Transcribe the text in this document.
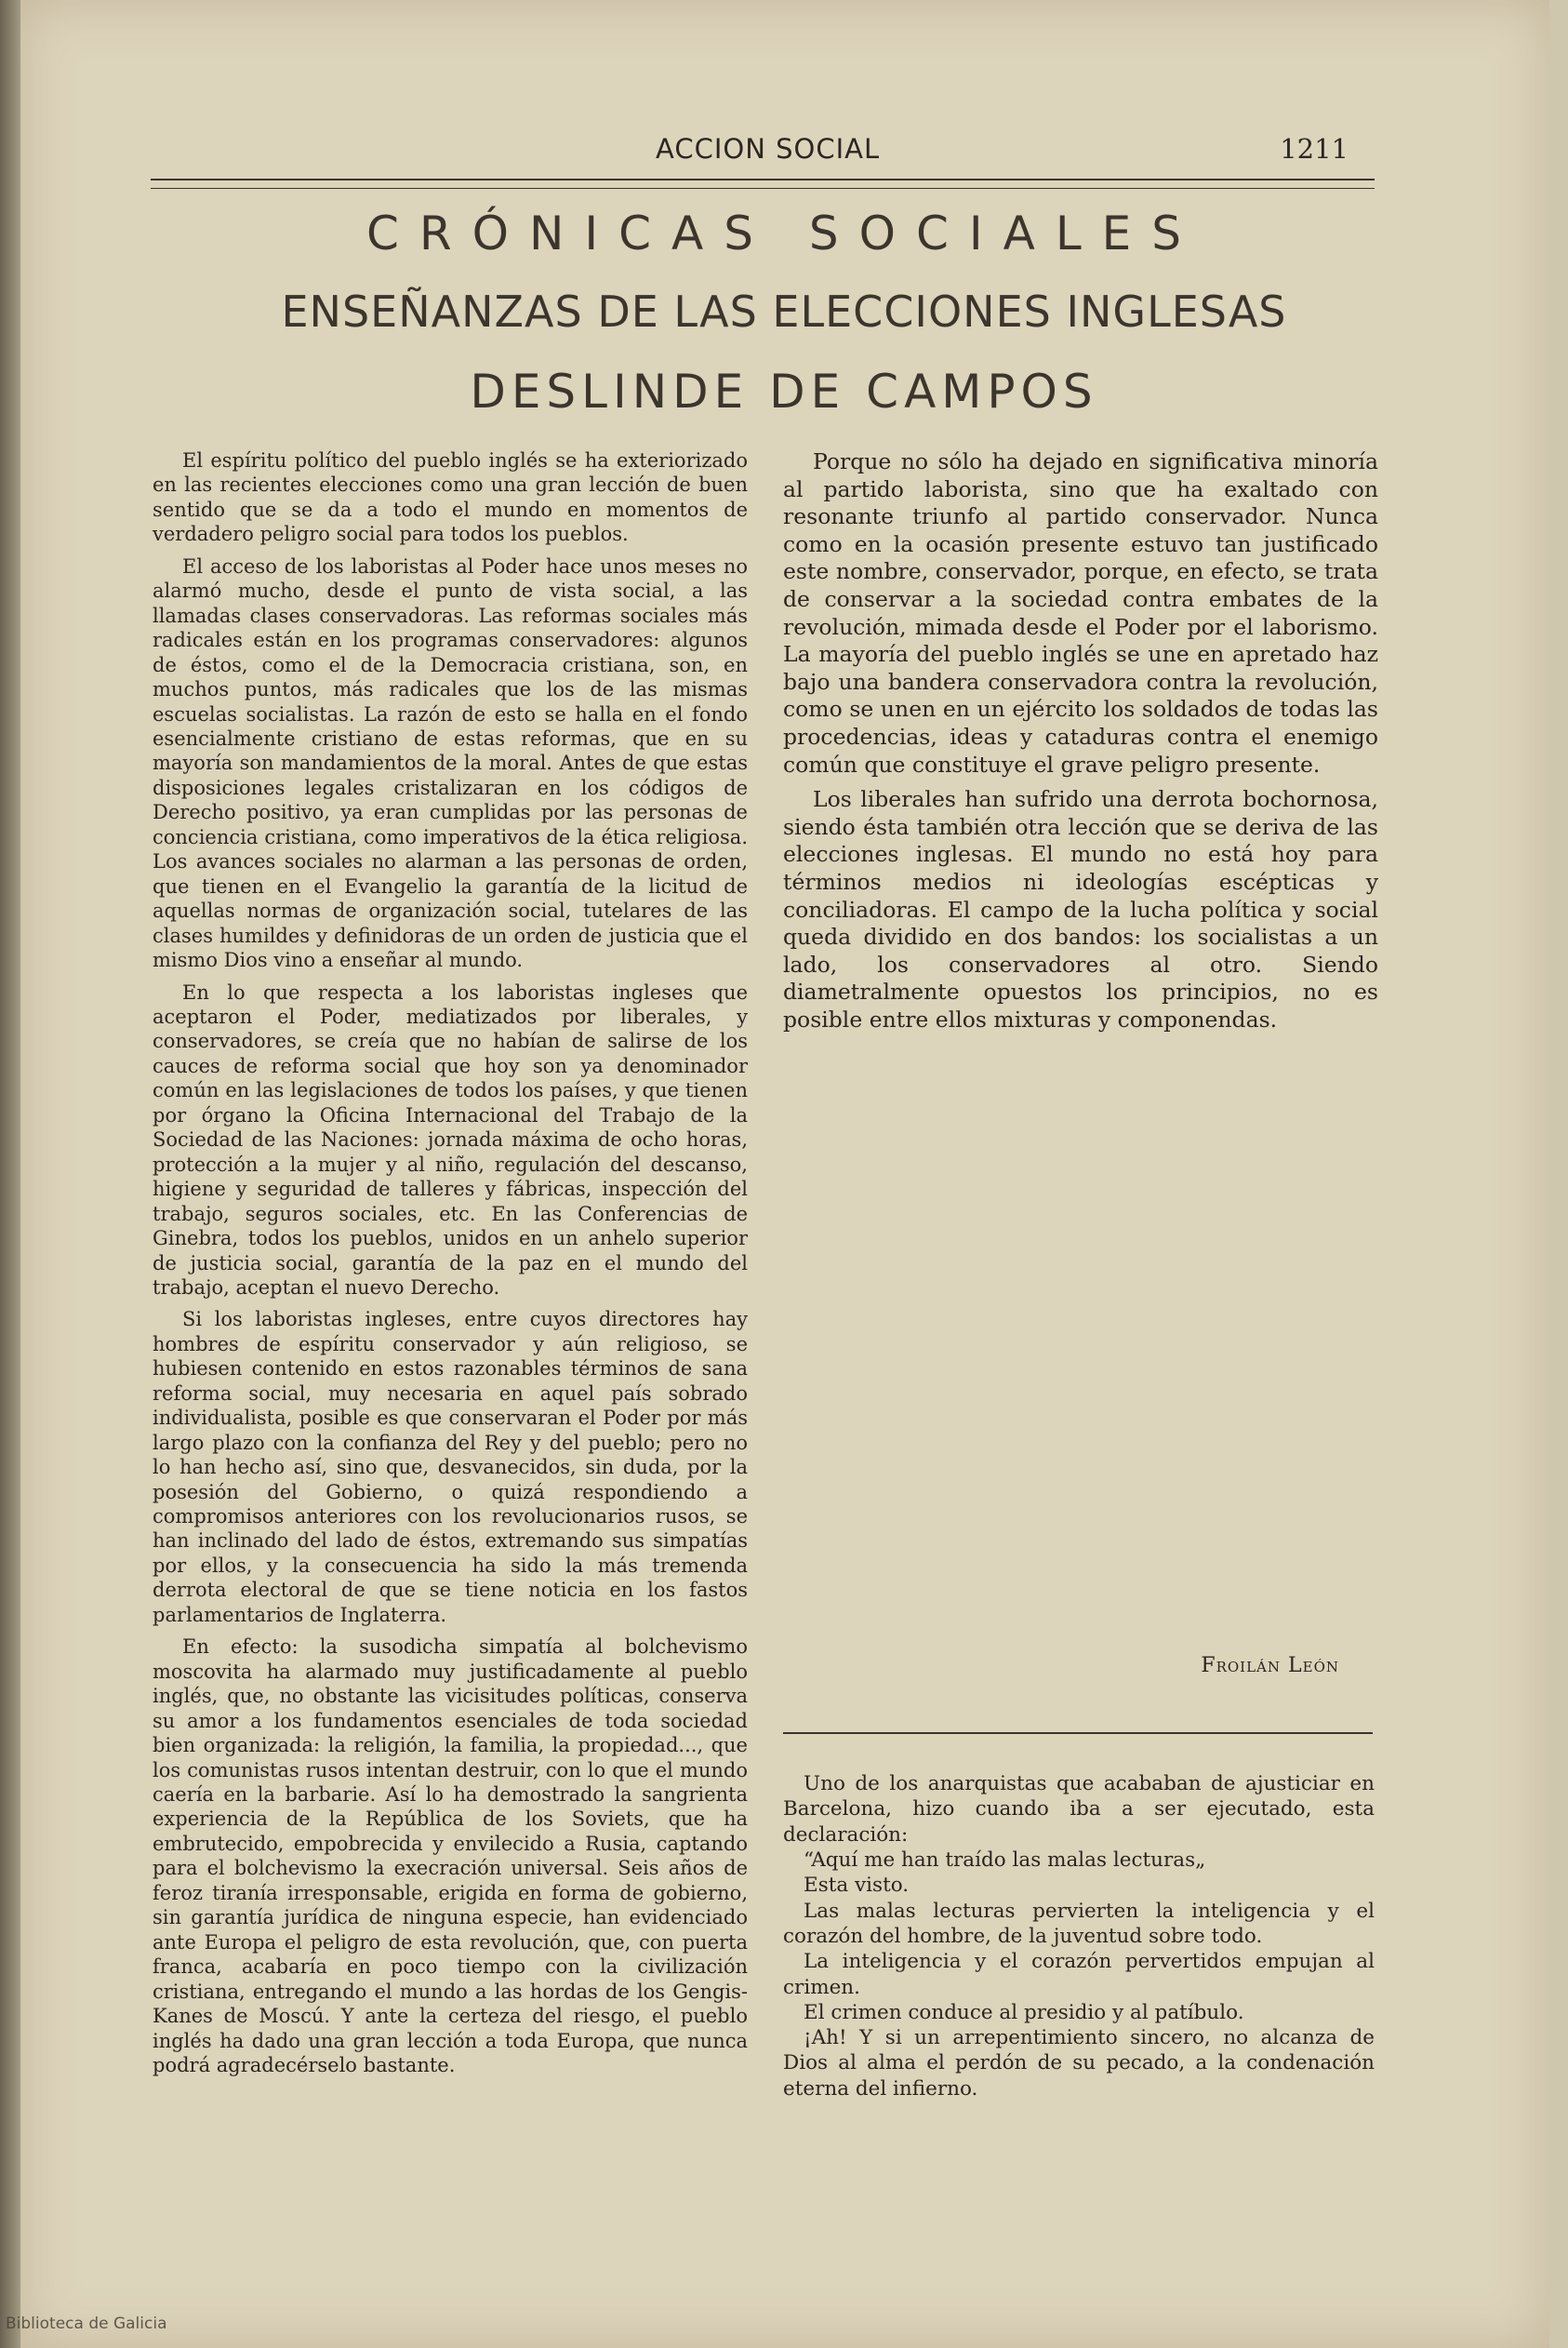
ACCION SOCIAL	1211
CRÓNICAS SOCIALES
ENSEÑANZAS DE LAS ELECCIONES INGLESAS
DESLINDE DE CAMPOS

El espíritu político del pueblo inglés se ha exteriorizado en las recientes elecciones como una gran lección de buen sentido que se da a todo el mundo en momentos de verdadero peligro social para todos los pueblos.

El acceso de los laboristas al Poder hace unos meses no alarmó mucho, desde el punto de vista social, a las llamadas clases conservadoras. Las reformas sociales más radicales están en los programas conservadores: algunos de éstos, como el de la Democracia cristiana, son, en muchos puntos, más radicales que los de las mismas escuelas socialistas. La razón de esto se halla en el fondo esencialmente cristiano de estas reformas, que en su mayoría son mandamientos de la moral. Antes de que estas disposiciones legales cristalizaran en los códigos de Derecho positivo, ya eran cumplidas por las personas de conciencia cristiana, como imperativos de la ética religiosa. Los avances sociales no alarman a las personas de orden, que tienen en el Evangelio la garantía de la licitud de aquellas normas de organización social, tutelares de las clases humildes y definidoras de un orden de justicia que el mismo Dios vino a enseñar al mundo.

En lo que respecta a los laboristas ingleses que aceptaron el Poder, mediatizados por liberales, y conservadores, se creía que no habían de salirse de los cauces de reforma social que hoy son ya denominador común en las legislaciones de todos los países, y que tienen por órgano la Oficina Internacional del Trabajo de la Sociedad de las Naciones: jornada máxima de ocho horas, protección a la mujer y al niño, regulación del descanso, higiene y seguridad de talleres y fábricas, inspección del trabajo, seguros sociales, etc. En las Conferencias de Ginebra, todos los pueblos, unidos en un anhelo superior de justicia social, garantía de la paz en el mundo del trabajo, aceptan el nuevo Derecho.

Si los laboristas ingleses, entre cuyos directores hay hombres de espíritu conservador y aún religioso, se hubiesen contenido en estos razonables términos de sana reforma social, muy necesaria en aquel país sobrado individualista, posible es que conservaran el Poder por más largo plazo con la confianza del Rey y del pueblo; pero no lo han hecho así, sino que, desvanecidos, sin duda, por la posesión del Gobierno, o quizá respondiendo a compromisos anteriores con los revolucionarios rusos, se han inclinado del lado de éstos, extremando sus simpatías por ellos, y la consecuencia ha sido la más tremenda derrota electoral de que se tiene noticia en los fastos parlamentarios de Inglaterra.

En efecto: la susodicha simpatía al bolchevismo moscovita ha alarmado muy justificadamente al pueblo inglés, que, no obstante las vicisitudes políticas, conserva su amor a los fundamentos esenciales de toda sociedad bien organizada: la religión, la familia, la propiedad..., que los comunistas rusos intentan destruir, con lo que el mundo caería en la barbarie. Así lo ha demostrado la sangrienta experiencia de la República de los Soviets, que ha embrutecido, empobrecida y envilecido a Rusia, captando para el bolchevismo la execración universal. Seis años de feroz tiranía irresponsable, erigida en forma de gobierno, sin garantía jurídica de ninguna especie, han evidenciado ante Europa el peligro de esta revolución, que, con puerta franca, acabaría en poco tiempo con la civilización cristiana, entregando el mundo a las hordas de los Gengis-Kanes de Moscú. Y ante la certeza del riesgo, el pueblo inglés ha dado una gran lección a toda Europa, que nunca podrá agradecérselo bastante.

Porque no sólo ha dejado en significativa minoría al partido laborista, sino que ha exaltado con resonante triunfo al partido conservador. Nunca como en la ocasión presente estuvo tan justificado este nombre, conservador, porque, en efecto, se trata de conservar a la sociedad contra embates de la revolución, mimada desde el Poder por el laborismo. La mayoría del pueblo inglés se une en apretado haz bajo una bandera conservadora contra la revolución, como se unen en un ejército los soldados de todas las procedencias, ideas y cataduras contra el enemigo común que constituye el grave peligro presente.

Los liberales han sufrido una derrota bochornosa, siendo ésta también otra lección que se deriva de las elecciones inglesas. El mundo no está hoy para términos medios ni ideologías escépticas y conciliadoras. El campo de la lucha política y social queda dividido en dos bandos: los socialistas a un lado, los conservadores al otro. Siendo diametralmente opuestos los principios, no es posible entre ellos mixturas y componendas.

Froilán León

Uno de los anarquistas que acababan de ajusticiar en Barcelona, hizo cuando iba a ser ejecutado, esta declaración:

“Aquí me han traído las malas lecturas„

Esta visto.

Las malas lecturas pervierten la inteligencia y el corazón del hombre, de la juventud sobre todo.

La inteligencia y el corazón pervertidos empujan al crimen.

El crimen conduce al presidio y al patíbulo.

¡Ah! Y si un arrepentimiento sincero, no alcanza de Dios al alma el perdón de su pecado, a la condenación eterna del infierno.

Biblioteca de Galicia
